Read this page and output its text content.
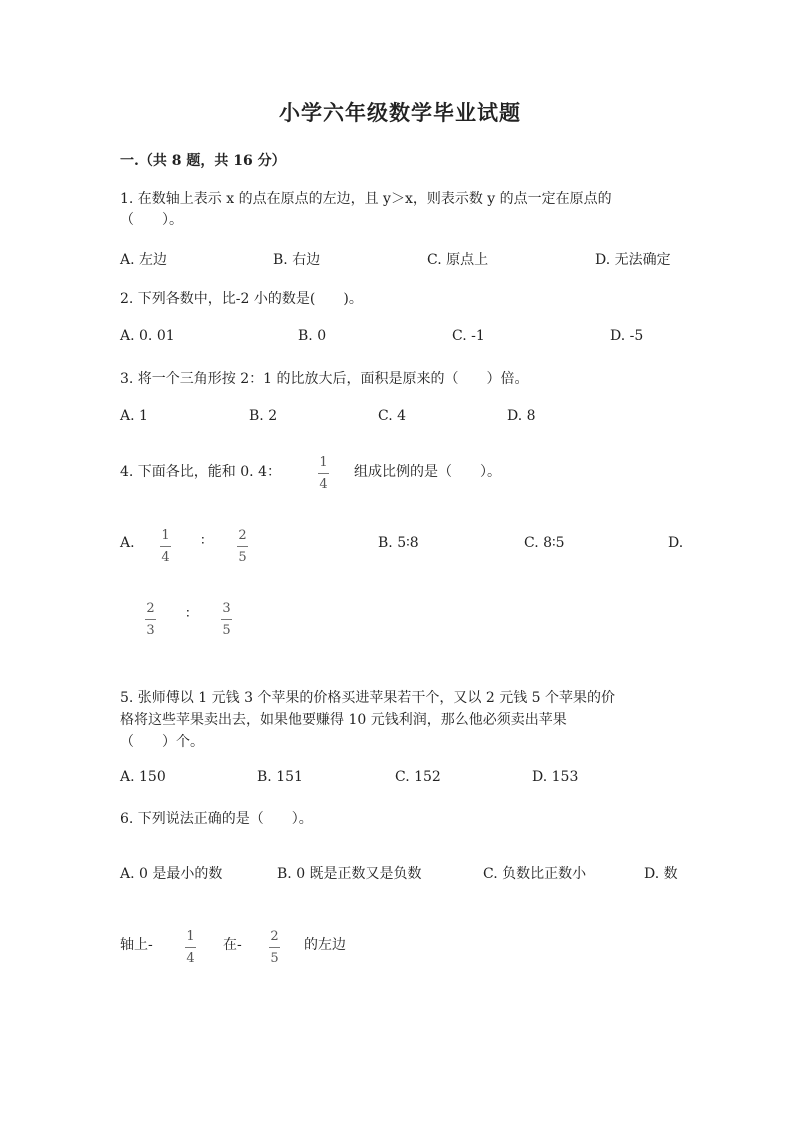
小学六年级数学毕业试题
一.（共 8 题，共 16 分）
1. 在数轴上表示 x 的点在原点的左边，且 y＞x，则表示数 y 的点一定在原点的
（　　）。
A. 左边	B. 右边	C. 原点上	D. 无法确定
2. 下列各数中，比-2 小的数是(　　)。
A. 0. 01	B. 0	C. -1	D. -5
3. 将一个三角形按 2：1 的比放大后，面积是原来的（　　）倍。
A. 1	B. 2	C. 4	D. 8
4. 下面各比，能和 0. 4：
1
4
组成比例的是（　　）。
A. 1
4
∶	2
5
B. 5∶8	C. 8∶5	D.
2
3
∶	3
5
5. 张师傅以 1 元钱 3 个苹果的价格买进苹果若干个，又以 2 元钱 5 个苹果的价
格将这些苹果卖出去，如果他要赚得 10 元钱利润，那么他必须卖出苹果
（　　）个。
A. 150	B. 151	C. 152	D. 153
6. 下列说法正确的是（　　）。
A. 0 是最小的数	B. 0 既是正数又是负数	C. 负数比正数小	D. 数
轴上-
1
4
在-
2
5
的左边
